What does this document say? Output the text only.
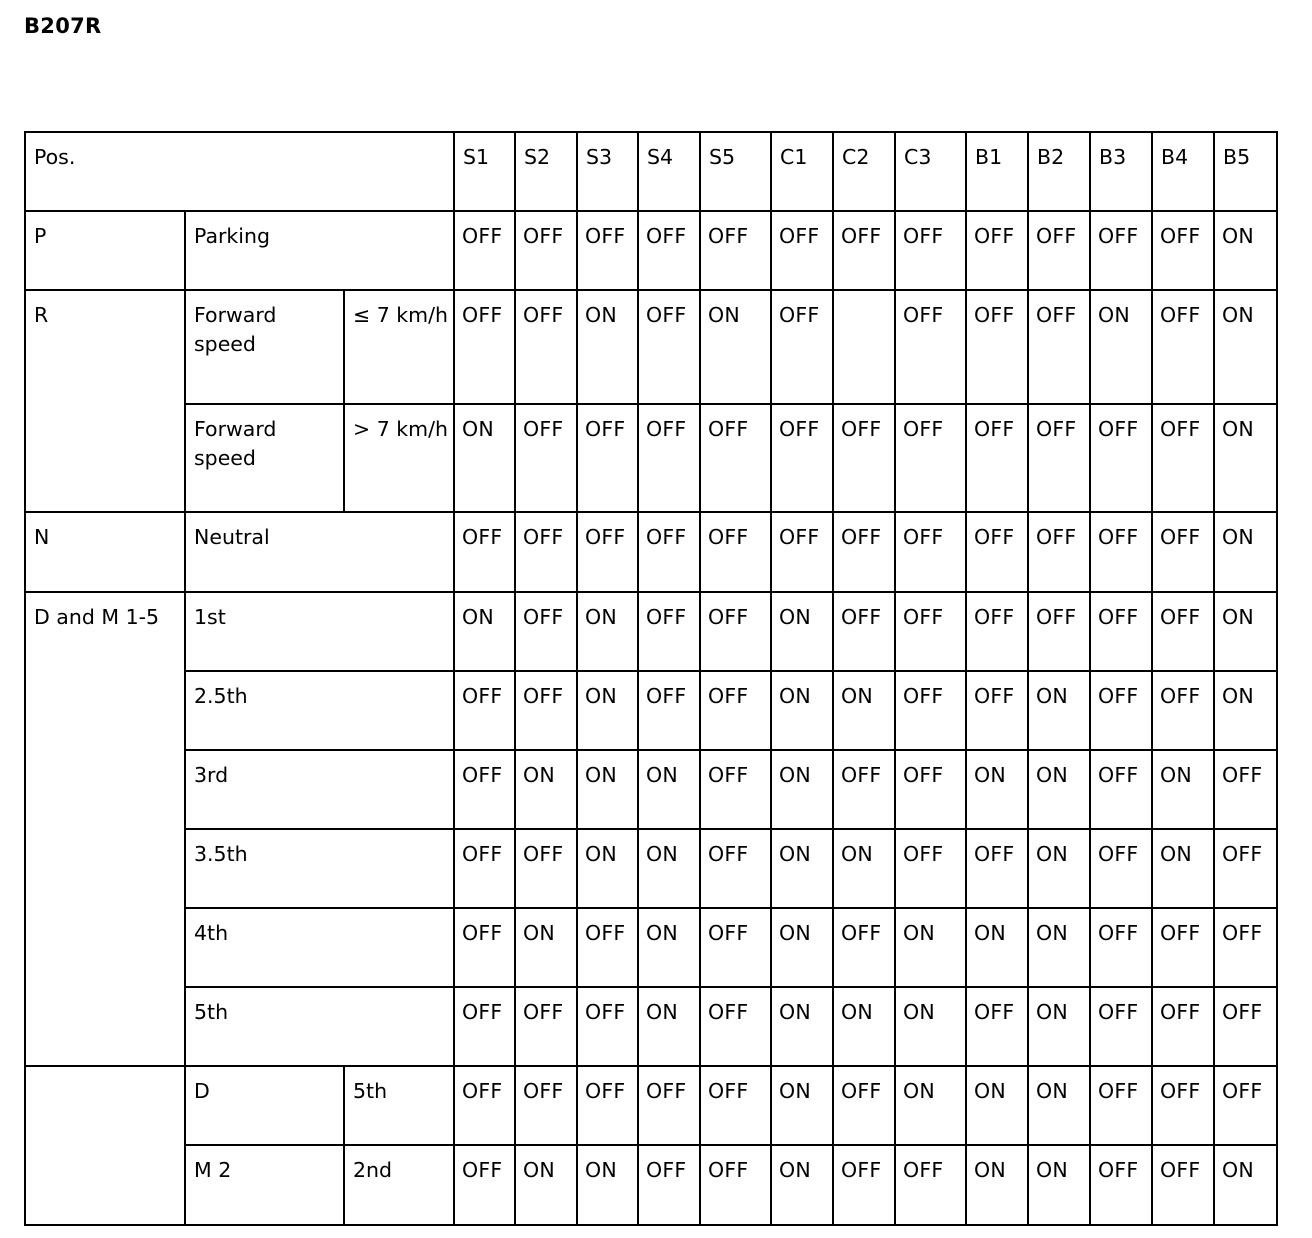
B207R
Pos.			S1	S2	S3	S4	S5	C1	C2	C3	B1	B2	B3	B4	B5
P	Parking		OFF	OFF	OFF	OFF	OFF	OFF	OFF	OFF	OFF	OFF	OFF	OFF	ON
R	Forward speed	≤ 7 km/h	OFF	OFF	ON	OFF	ON	OFF		OFF	OFF	OFF	ON	OFF	ON
	Forward speed	> 7 km/h	ON	OFF	OFF	OFF	OFF	OFF	OFF	OFF	OFF	OFF	OFF	OFF	ON
N	Neutral		OFF	OFF	OFF	OFF	OFF	OFF	OFF	OFF	OFF	OFF	OFF	OFF	ON
D and M 1-5	1st		ON	OFF	ON	OFF	OFF	ON	OFF	OFF	OFF	OFF	OFF	OFF	ON
	2.5th		OFF	OFF	ON	OFF	OFF	ON	ON	OFF	OFF	ON	OFF	OFF	ON
	3rd		OFF	ON	ON	ON	OFF	ON	OFF	OFF	ON	ON	OFF	ON	OFF
	3.5th		OFF	OFF	ON	ON	OFF	ON	ON	OFF	OFF	ON	OFF	ON	OFF
	4th		OFF	ON	OFF	ON	OFF	ON	OFF	ON	ON	ON	OFF	OFF	OFF
	5th		OFF	OFF	OFF	ON	OFF	ON	ON	ON	OFF	ON	OFF	OFF	OFF
	D	5th	OFF	OFF	OFF	OFF	OFF	ON	OFF	ON	ON	ON	OFF	OFF	OFF
	M 2	2nd	OFF	ON	ON	OFF	OFF	ON	OFF	OFF	ON	ON	OFF	OFF	ON
